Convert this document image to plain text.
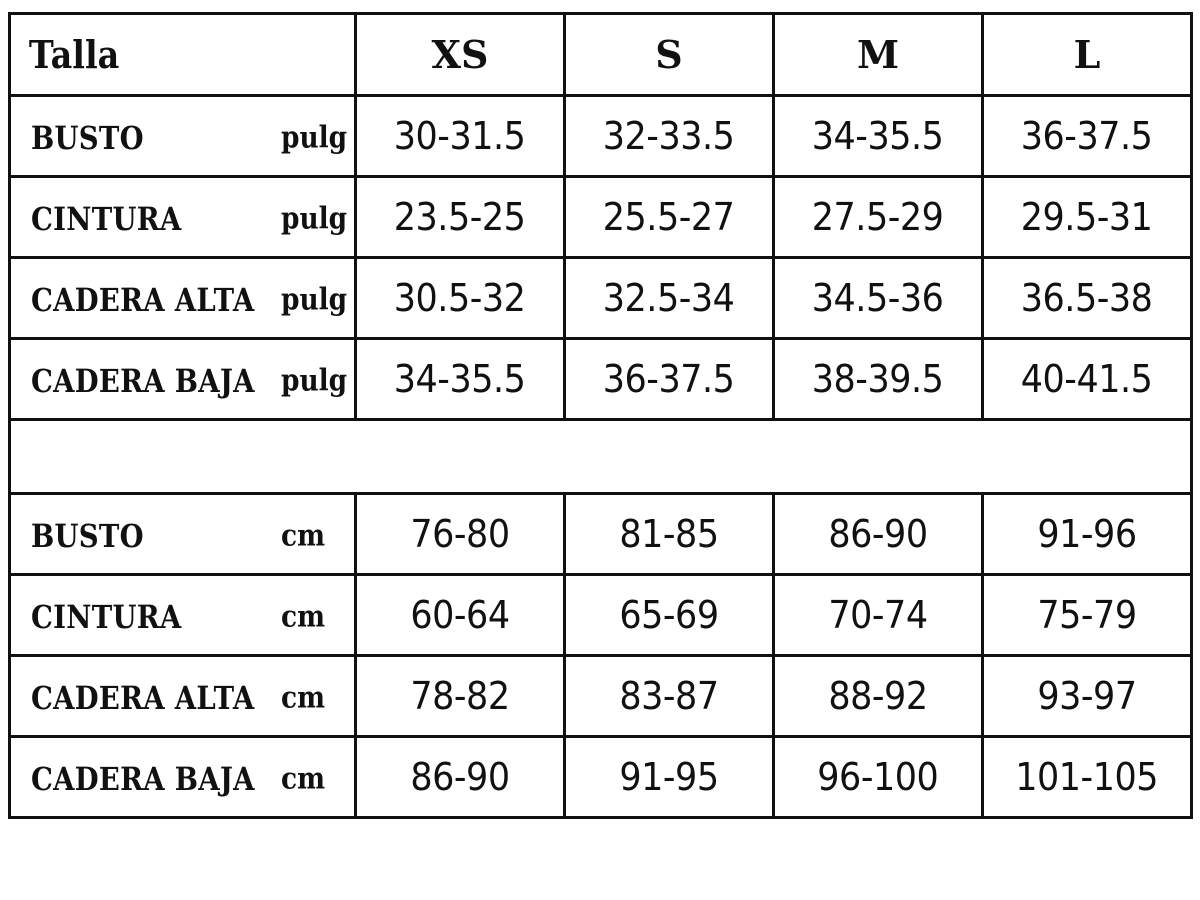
Talla	XS	S	M	L

BUSTO pulg	30-31.5	32-33.5	34-35.5	36-37.5

CINTURA pulg	23.5-25	25.5-27	27.5-29	29.5-31

CADERA ALTA pulg	30.5-32	32.5-34	34.5-36	36.5-38

CADERA BAJA pulg	34-35.5	36-37.5	38-39.5	40-41.5

BUSTO cm	76-80	81-85	86-90	91-96

CINTURA cm	60-64	65-69	70-74	75-79

CADERA ALTA cm	78-82	83-87	88-92	93-97

CADERA BAJA cm	86-90	91-95	96-100	101-105
